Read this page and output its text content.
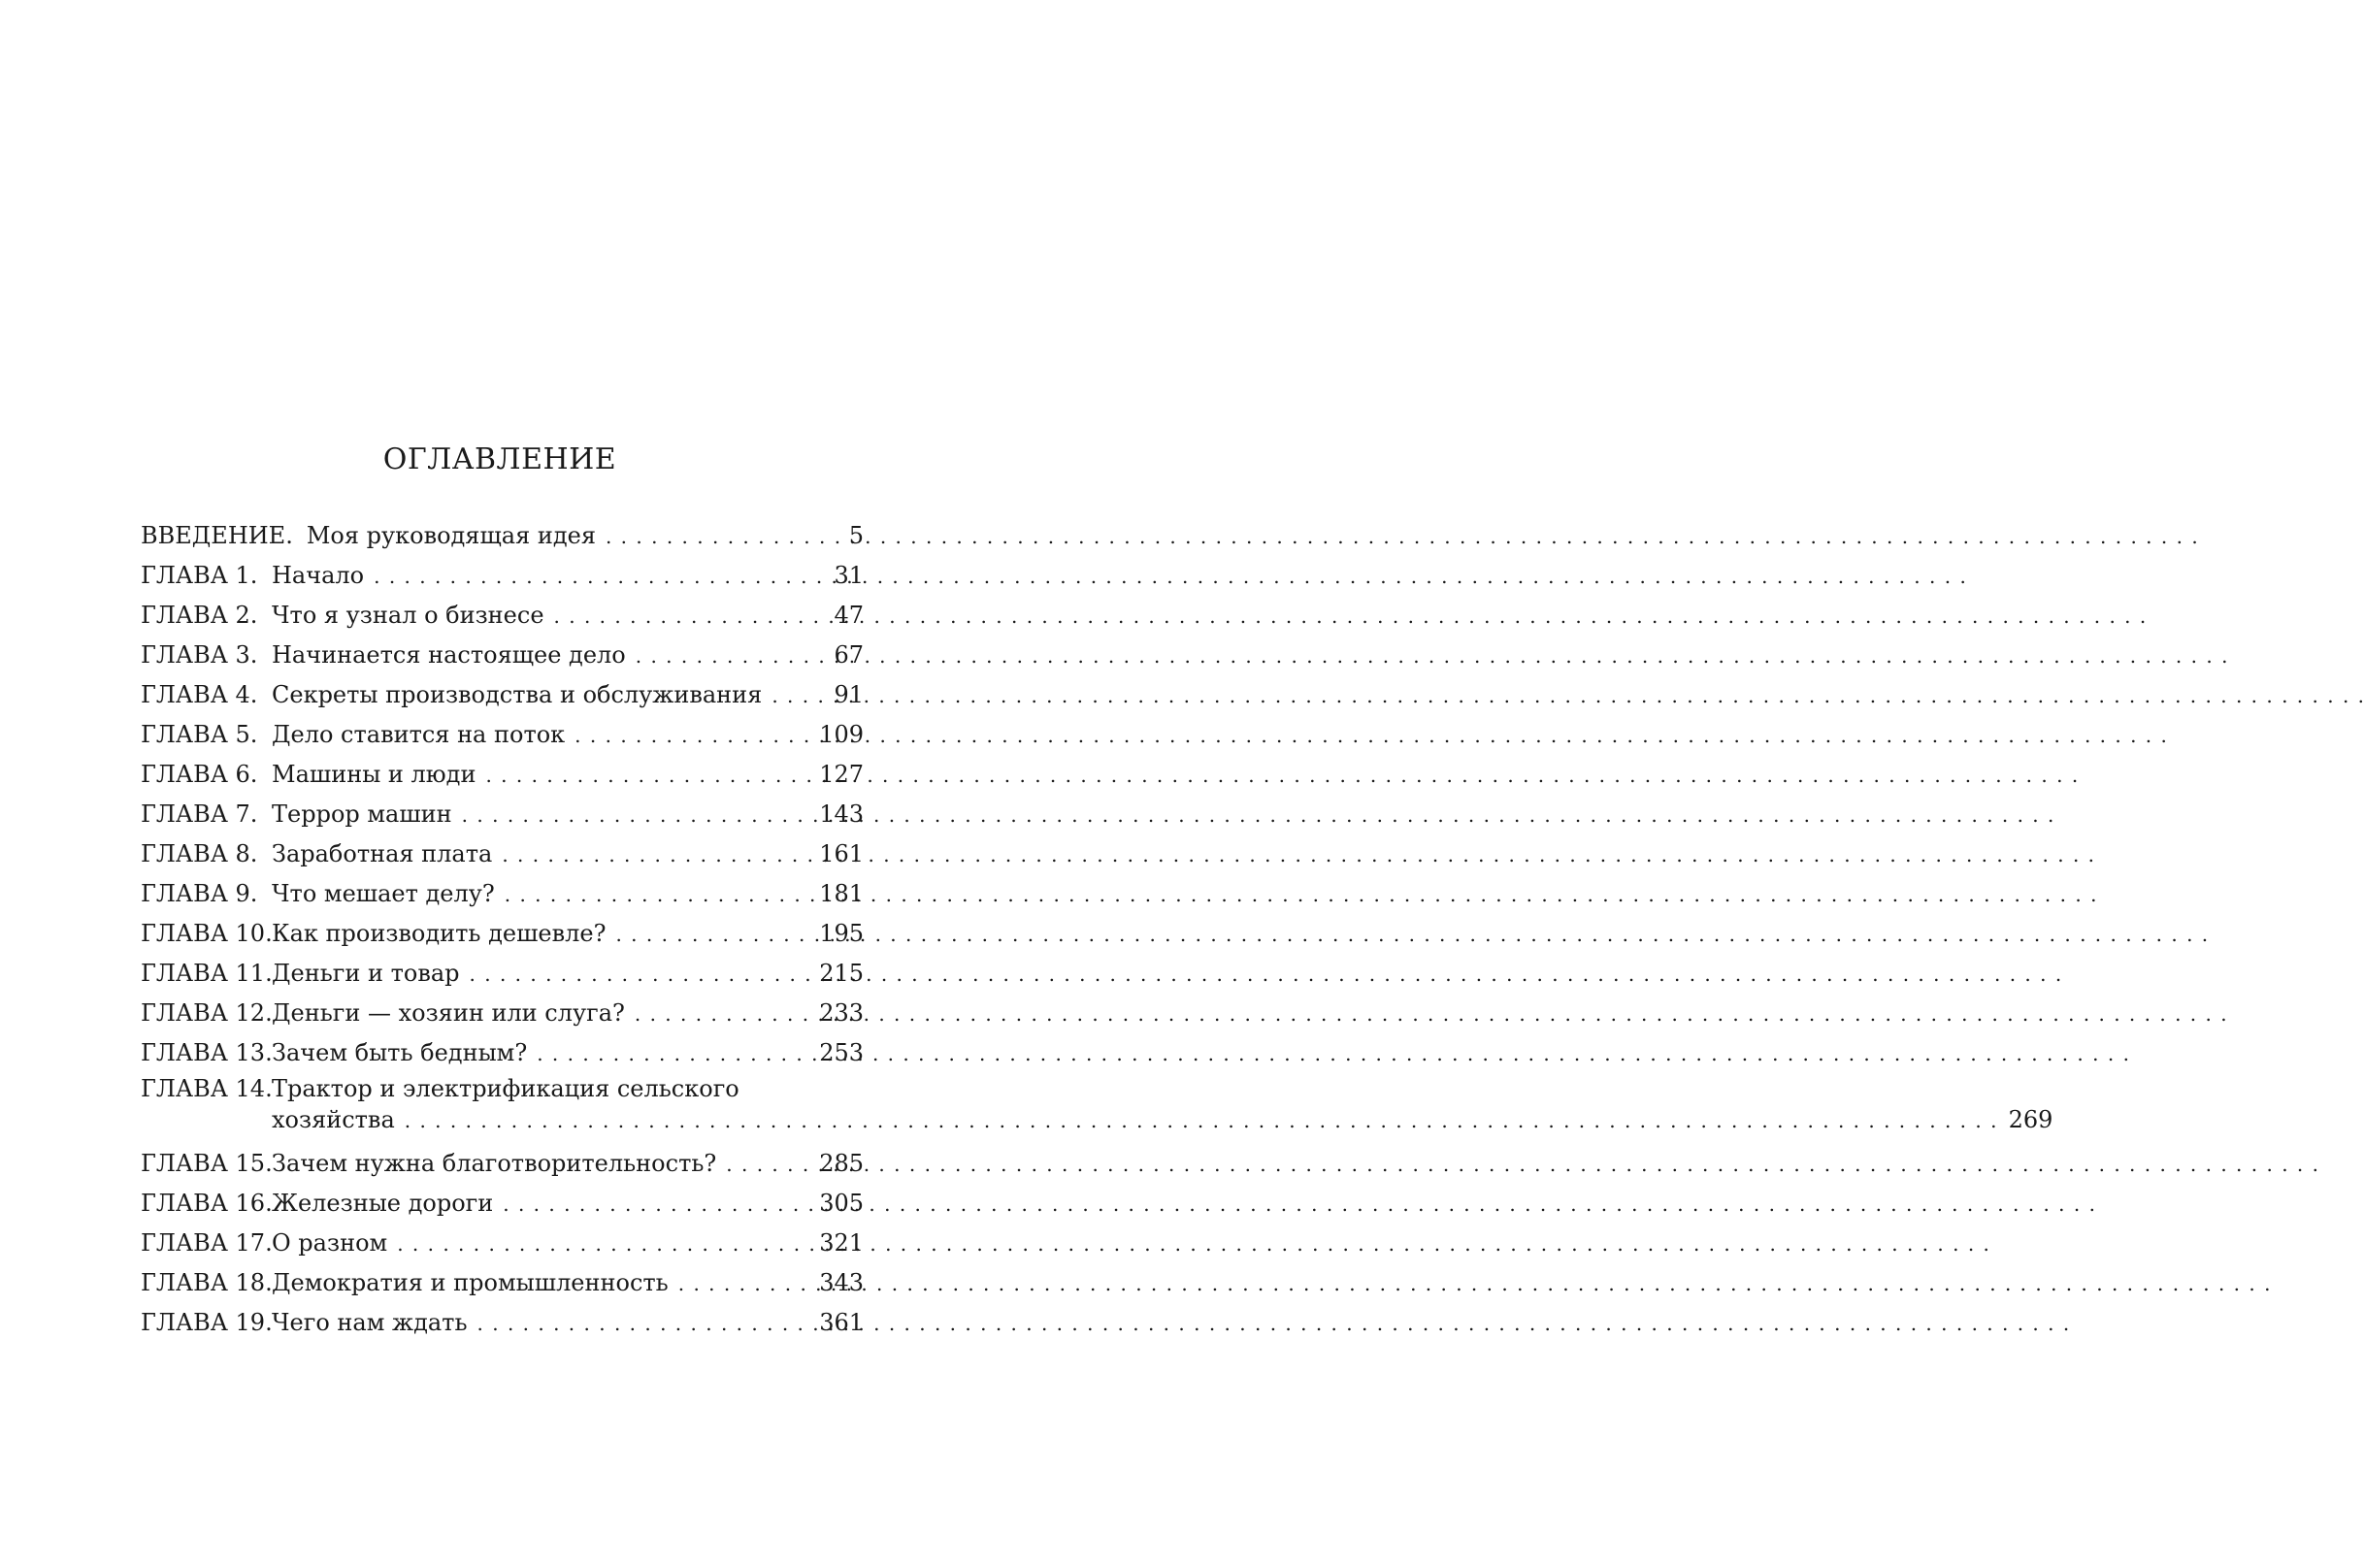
ОГЛАВЛЕНИЕ
ВВЕДЕНИЕ. Моя руководящая идея . . .	5
ГЛАВА 1. Начало . . .	31
ГЛАВА 2. Что я узнал о бизнесе . . .	47
ГЛАВА 3. Начинается настоящее дело . . .	67
ГЛАВА 4. Секреты производства и обслуживания . . .	91
ГЛАВА 5. Дело ставится на поток . . .	109
ГЛАВА 6. Машины и люди . . .	127
ГЛАВА 7. Террор машин . . .	143
ГЛАВА 8. Заработная плата . . .	161
ГЛАВА 9. Что мешает делу? . . .	181
ГЛАВА 10. Как производить дешевле? . . .	195
ГЛАВА 11. Деньги и товар . . .	215
ГЛАВА 12. Деньги — хозяин или слуга? . . .	233
ГЛАВА 13. Зачем быть бедным? . . .	253
ГЛАВА 14. Трактор и электрификация сельского
хозяйства . . .	269
ГЛАВА 15. Зачем нужна благотворительность? . . .	285
ГЛАВА 16. Железные дороги . . .	305
ГЛАВА 17. О разном . . .	321
ГЛАВА 18. Демократия и промышленность . . .	343
ГЛАВА 19. Чего нам ждать . . .	361
